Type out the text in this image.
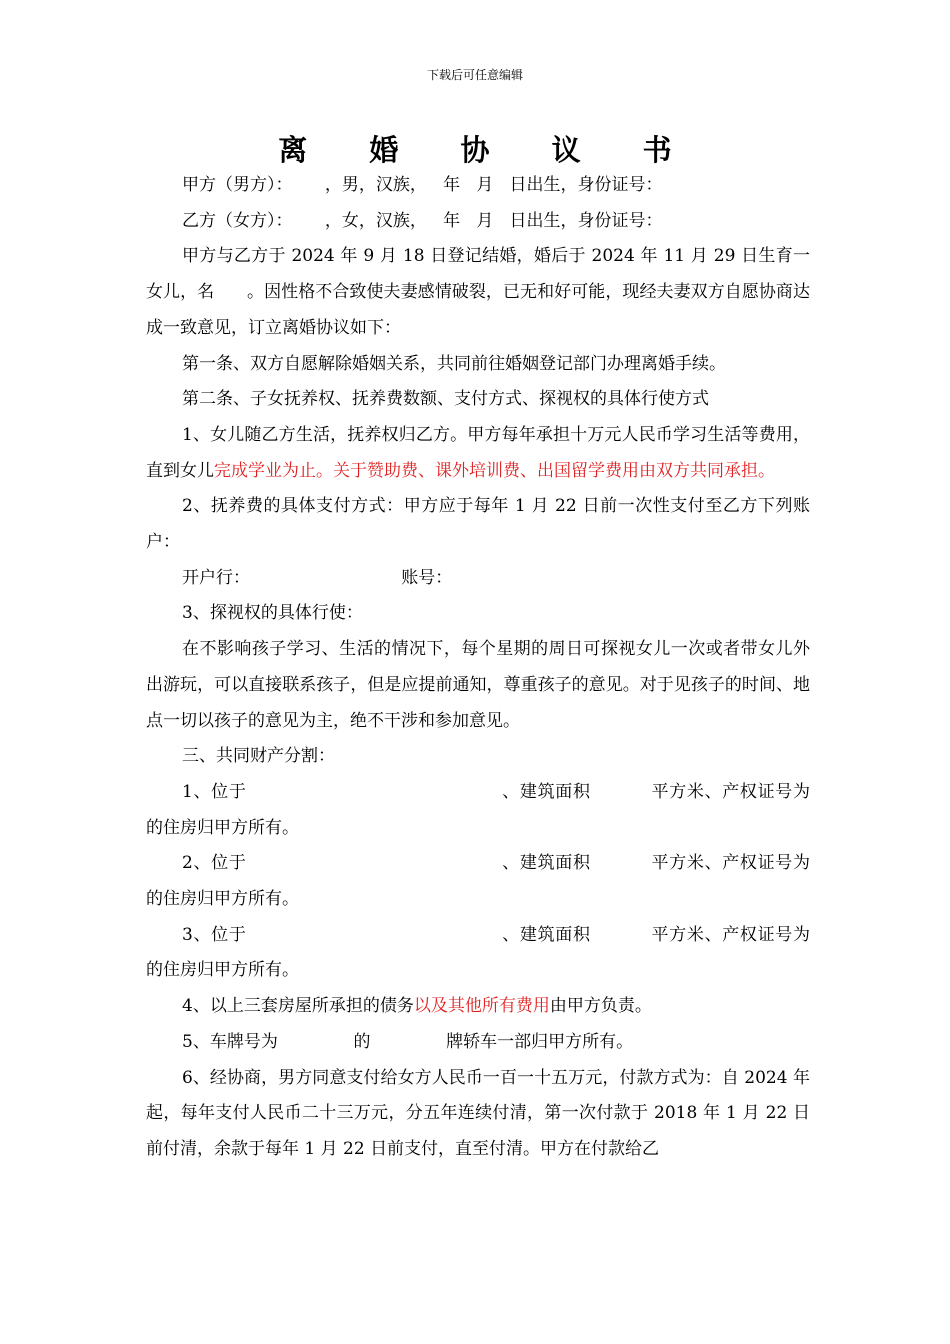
下载后可任意编辑
离 婚 协 议 书

甲方（男方）：      ，男，汉族，   年   月   日出生，身份证号：

乙方（女方）：      ，女，汉族，   年   月   日出生，身份证号：

甲方与乙方于 2024 年 9 月 18 日登记结婚，婚后于 2024 年 11 月 29 日生育一女儿，名      。因性格不合致使夫妻感情破裂，已无和好可能，现经夫妻双方自愿协商达成一致意见，订立离婚协议如下：

第一条、双方自愿解除婚姻关系，共同前往婚姻登记部门办理离婚手续。

第二条、子女抚养权、抚养费数额、支付方式、探视权的具体行使方式

1、女儿随乙方生活，抚养权归乙方。甲方每年承担十万元人民币学习生活等费用，直到女儿完成学业为止。关于赞助费、课外培训费、出国留学费用由双方共同承担。

2、抚养费的具体支付方式：甲方应于每年 1 月 22 日前一次性支付至乙方下列账户：

开户行：                            账号：

3、探视权的具体行使：

在不影响孩子学习、生活的情况下，每个星期的周日可探视女儿一次或者带女儿外出游玩，可以直接联系孩子，但是应提前通知，尊重孩子的意见。对于见孩子的时间、地点一切以孩子的意见为主，绝不干涉和参加意见。

三、共同财产分割：

1、位于                                          、建筑面积          平方米、产权证号为              的住房归甲方所有。

2、位于                                          、建筑面积          平方米、产权证号为              的住房归甲方所有。

3、位于                                          、建筑面积          平方米、产权证号为              的住房归甲方所有。

4、以上三套房屋所承担的债务以及其他所有费用由甲方负责。

5、车牌号为              的              牌轿车一部归甲方所有。

6、经协商，男方同意支付给女方人民币一百一十五万元，付款方式为：自 2024 年起，每年支付人民币二十三万元，分五年连续付清，第一次付款于 2018 年 1 月 22 日前付清，余款于每年 1 月 22 日前支付，直至付清。甲方在付款给乙
